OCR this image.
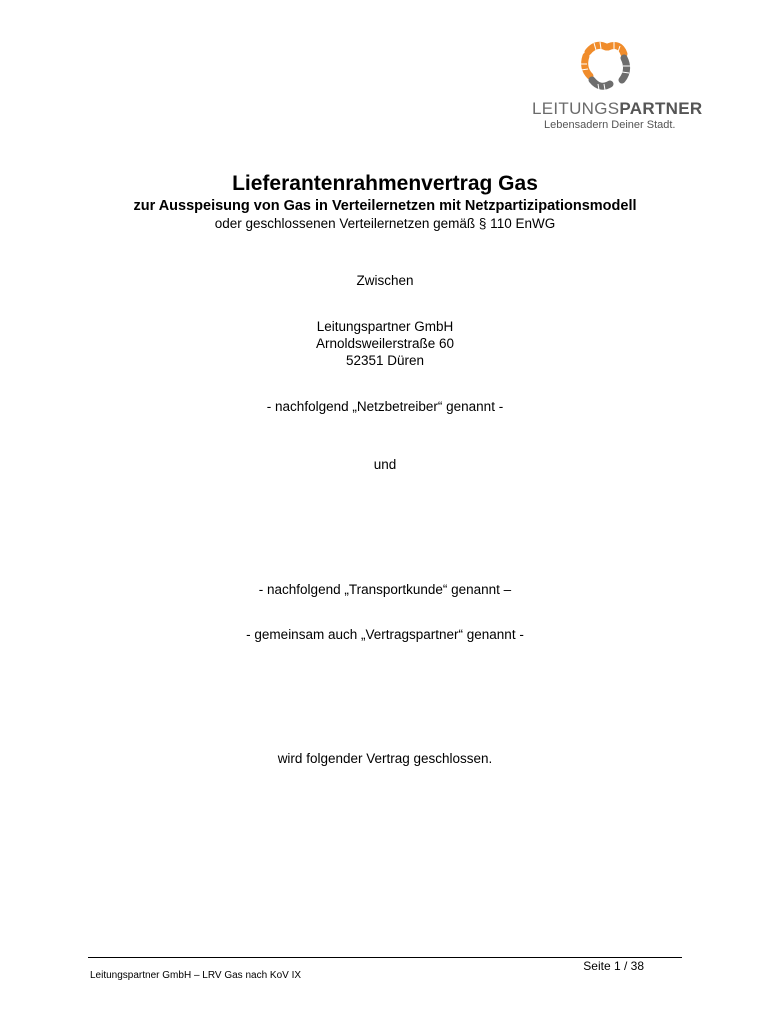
LEITUNGSPARTNER
Lebensadern Deiner Stadt.
Lieferantenrahmenvertrag Gas
zur Ausspeisung von Gas in Verteilernetzen mit Netzpartizipationsmodell
oder geschlossenen Verteilernetzen gemäß § 110 EnWG
Zwischen
Leitungspartner GmbH
Arnoldsweilerstraße 60
52351 Düren
- nachfolgend „Netzbetreiber“ genannt -
und
- nachfolgend „Transportkunde“ genannt –
- gemeinsam auch „Vertragspartner“ genannt -
wird folgender Vertrag geschlossen.
Seite 1 / 38
Leitungspartner GmbH – LRV Gas nach KoV IX
